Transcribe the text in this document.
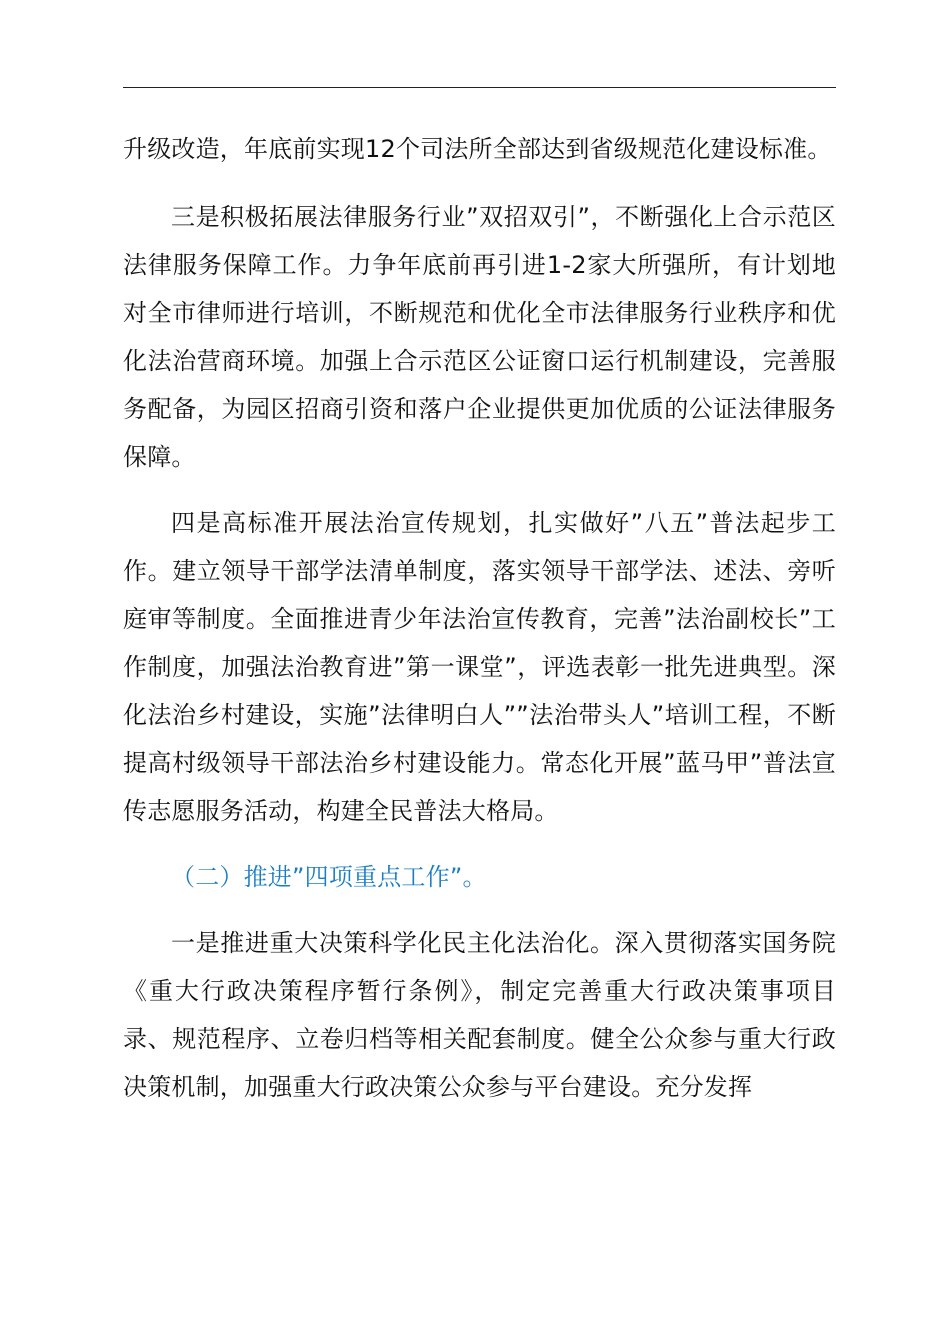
升级改造，年底前实现12个司法所全部达到省级规范化建设标准。

三是积极拓展法律服务行业”双招双引”，不断强化上合示范区法律服务保障工作。力争年底前再引进1-2家大所强所，有计划地对全市律师进行培训，不断规范和优化全市法律服务行业秩序和优化法治营商环境。加强上合示范区公证窗口运行机制建设，完善服务配备，为园区招商引资和落户企业提供更加优质的公证法律服务保障。

四是高标准开展法治宣传规划，扎实做好”八五”普法起步工作。建立领导干部学法清单制度，落实领导干部学法、述法、旁听庭审等制度。全面推进青少年法治宣传教育，完善”法治副校长”工作制度，加强法治教育进”第一课堂”，评选表彰一批先进典型。深化法治乡村建设，实施”法律明白人””法治带头人”培训工程，不断提高村级领导干部法治乡村建设能力。常态化开展”蓝马甲”普法宣传志愿服务活动，构建全民普法大格局。

（二）推进”四项重点工作”。

一是推进重大决策科学化民主化法治化。深入贯彻落实国务院《重大行政决策程序暂行条例》，制定完善重大行政决策事项目录、规范程序、立卷归档等相关配套制度。健全公众参与重大行政决策机制，加强重大行政决策公众参与平台建设。充分发挥
